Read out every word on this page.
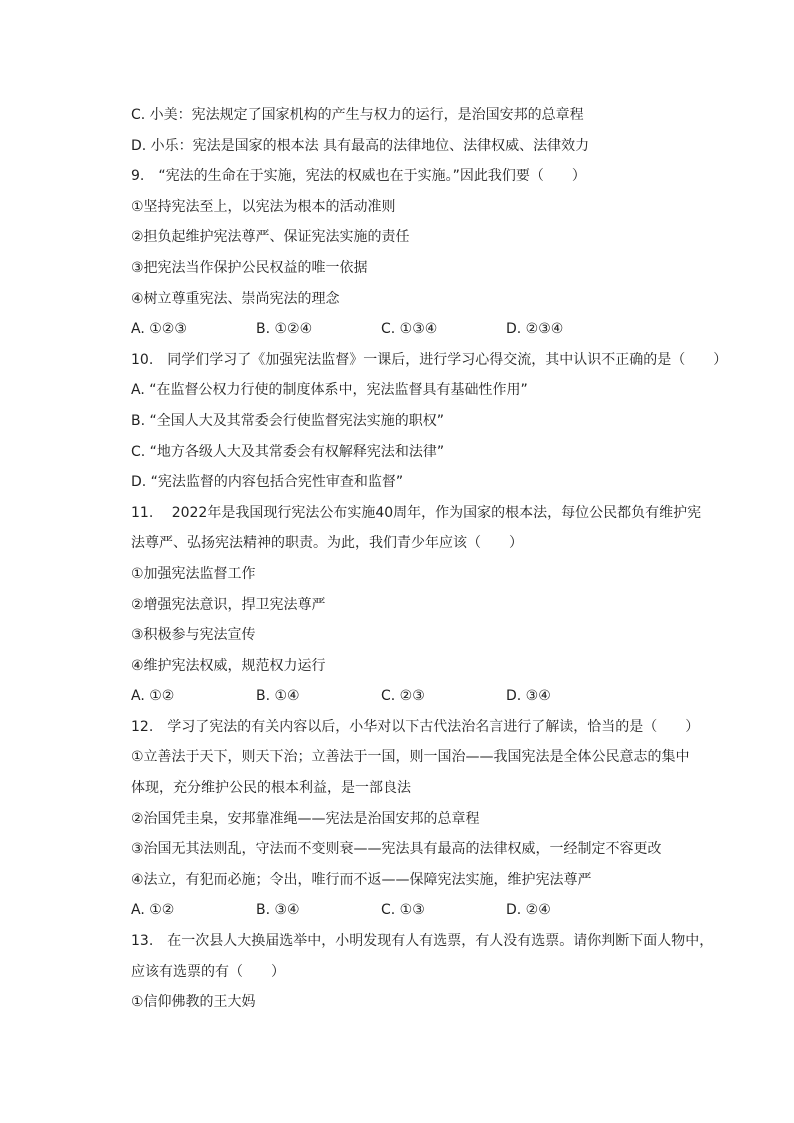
C. 小美：宪法规定了国家机构的产生与权力的运行，是治国安邦的总章程
D. 小乐：宪法是国家的根本法 具有最高的法律地位、法律权威、法律效力
9.　“宪法的生命在于实施，宪法的权威也在于实施。”因此我们要（　　）
①坚持宪法至上，以宪法为根本的活动准则
②担负起维护宪法尊严、保证宪法实施的责任
③把宪法当作保护公民权益的唯一依据
④树立尊重宪法、崇尚宪法的理念
A. ①②③	B. ①②④	C. ①③④	D. ②③④
10.　同学们学习了《加强宪法监督》一课后，进行学习心得交流，其中认识不正确的是（　　）
A. “在监督公权力行使的制度体系中，宪法监督具有基础性作用”
B. “全国人大及其常委会行使监督宪法实施的职权”
C. “地方各级人大及其常委会有权解释宪法和法律”
D. “宪法监督的内容包括合宪性审查和监督”
11.　 2022年是我国现行宪法公布实施40周年，作为国家的根本法，每位公民都负有维护宪
法尊严、弘扬宪法精神的职责。为此，我们青少年应该（　　）
①加强宪法监督工作
②增强宪法意识，捍卫宪法尊严
③积极参与宪法宣传
④维护宪法权威，规范权力运行
A. ①②	B. ①④	C. ②③	D. ③④
12.　学习了宪法的有关内容以后，小华对以下古代法治名言进行了解读，恰当的是（　　）
①立善法于天下，则天下治；立善法于一国，则一国治——我国宪法是全体公民意志的集中
体现，充分维护公民的根本利益，是一部良法
②治国凭圭臬，安邦靠准绳——宪法是治国安邦的总章程
③治国无其法则乱，守法而不变则衰——宪法具有最高的法律权威，一经制定不容更改
④法立，有犯而必施；令出，唯行而不返——保障宪法实施，维护宪法尊严
A. ①②	B. ③④	C. ①③	D. ②④
13.　在一次县人大换届选举中，小明发现有人有选票，有人没有选票。请你判断下面人物中，
应该有选票的有（　　）
①信仰佛教的王大妈
